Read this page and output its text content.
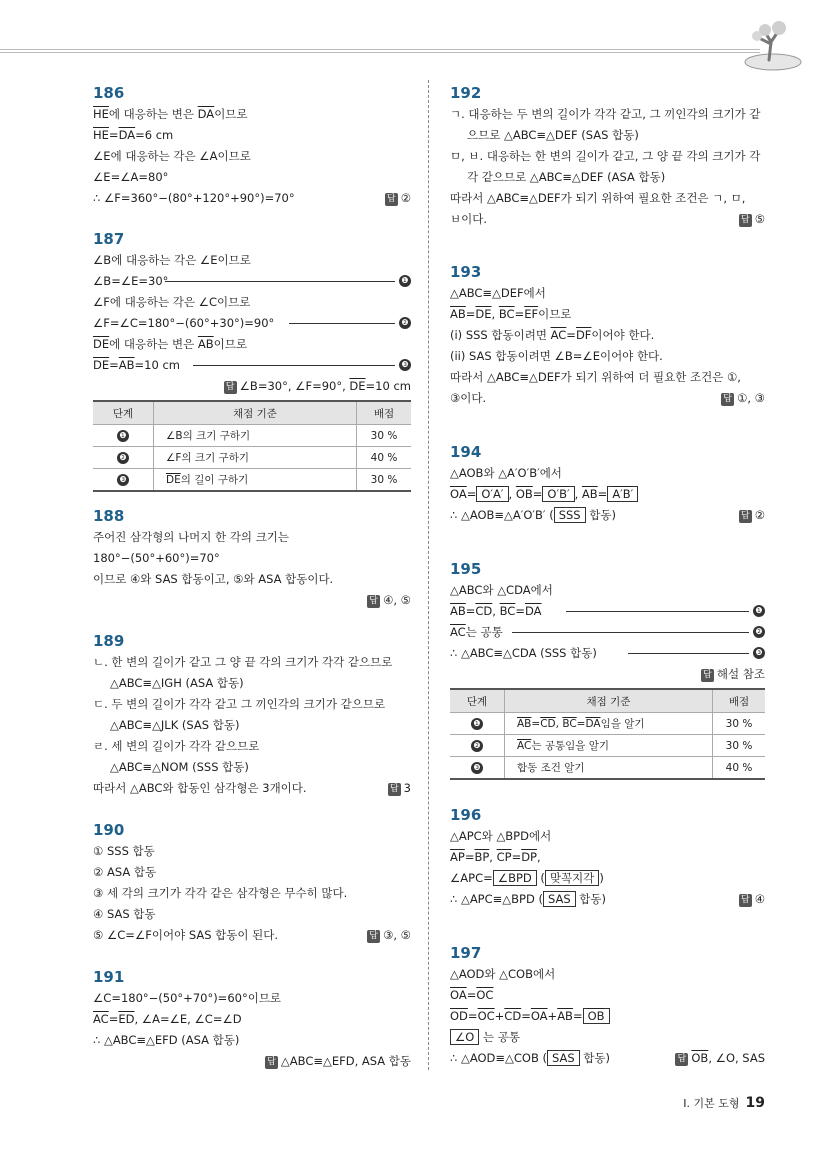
186
$\overline{HE}$에 대응하는 변은 $\overline{DA}$이므로
$\overline{HE}=\overline{DA}=6$ cm
∠E에 대응하는 각은 ∠A이므로
∠E=∠A=80°
∴ ∠F=360°−(80°+120°+90°)=70°	답 ②
187
∠B에 대응하는 각은 ∠E이므로
∠B=∠E=30°	❶
∠F에 대응하는 각은 ∠C이므로
∠F=∠C=180°−(60°+30°)=90°	❷
$\overline{DE}$에 대응하는 변은 $\overline{AB}$이므로
$\overline{DE}=\overline{AB}=10$ cm	❸
답 ∠B=30°, ∠F=90°, $\overline{DE}=10$ cm
단계	채점 기준	배점
❶	∠B의 크기 구하기	30 %
❷	∠F의 크기 구하기	40 %
❸	$\overline{DE}$의 길이 구하기	30 %
188
주어진 삼각형의 나머지 한 각의 크기는
180°−(50°+60°)=70°
이므로 ④와 SAS 합동이고, ⑤와 ASA 합동이다.
답 ④, ⑤
189
ㄴ. 한 변의 길이가 같고 그 양 끝 각의 크기가 각각 같으므로
△ABC≡△IGH (ASA 합동)
ㄷ. 두 변의 길이가 각각 같고 그 끼인각의 크기가 같으므로
△ABC≡△JLK (SAS 합동)
ㄹ. 세 변의 길이가 각각 같으므로
△ABC≡△NOM (SSS 합동)
따라서 △ABC와 합동인 삼각형은 3개이다.	답 3
190
① SSS 합동
② ASA 합동
③ 세 각의 크기가 각각 같은 삼각형은 무수히 많다.
④ SAS 합동
⑤ ∠C=∠F이어야 SAS 합동이 된다.	답 ③, ⑤
191
∠C=180°−(50°+70°)=60°이므로
$\overline{AC}=\overline{ED}$, ∠A=∠E, ∠C=∠D
∴ △ABC≡△EFD (ASA 합동)
답 △ABC≡△EFD, ASA 합동
192
ㄱ. 대응하는 두 변의 길이가 각각 같고, 그 끼인각의 크기가 같
으므로 △ABC≡△DEF (SAS 합동)
ㅁ, ㅂ. 대응하는 한 변의 길이가 같고, 그 양 끝 각의 크기가 각
각 같으므로 △ABC≡△DEF (ASA 합동)
따라서 △ABC≡△DEF가 되기 위하여 필요한 조건은 ㄱ, ㅁ,
ㅂ이다.	답 ⑤
193
△ABC≡△DEF에서
$\overline{AB}=\overline{DE}$, $\overline{BC}=\overline{EF}$이므로
(i) SSS 합동이려면 $\overline{AC}=\overline{DF}$이어야 한다.
(ii) SAS 합동이려면 ∠B=∠E이어야 한다.
따라서 △ABC≡△DEF가 되기 위하여 더 필요한 조건은 ①,
③이다.	답 ①, ③
194
△AOB와 △A′O′B′에서
$\overline{OA}= O'A'$ , $\overline{OB}= O'B'$ , $\overline{AB}= A'B'$
∴ △AOB≡△A′O′B′ ( SSS 합동)	답 ②
195
△ABC와 △CDA에서
$\overline{AB}=\overline{CD}$, $\overline{BC}=\overline{DA}$	❶
$\overline{AC}$는 공통	❷
∴ △ABC≡△CDA (SSS 합동)	❸
답 해설 참조
단계	채점 기준	배점
❶	$\overline{AB}=\overline{CD}$, $\overline{BC}=\overline{DA}$임을 알기	30 %
❷	$\overline{AC}$는 공통임을 알기	30 %
❸	합동 조건 알기	40 %
196
△APC와 △BPD에서
$\overline{AP}=\overline{BP}$, $\overline{CP}=\overline{DP}$,
∠APC= ∠BPD ( 맞꼭지각 )
∴ △APC≡△BPD ( SAS 합동)	답 ④
197
△AOD와 △COB에서
$\overline{OA}=\overline{OC}$
$\overline{OD}=\overline{OC}+\overline{CD}=\overline{OA}+\overline{AB}= \overline{OB}$
∠O 는 공통
∴ △AOD≡△COB ( SAS 합동)	답 $\overline{OB}$, ∠O, SAS
Ⅰ. 기본 도형 19
